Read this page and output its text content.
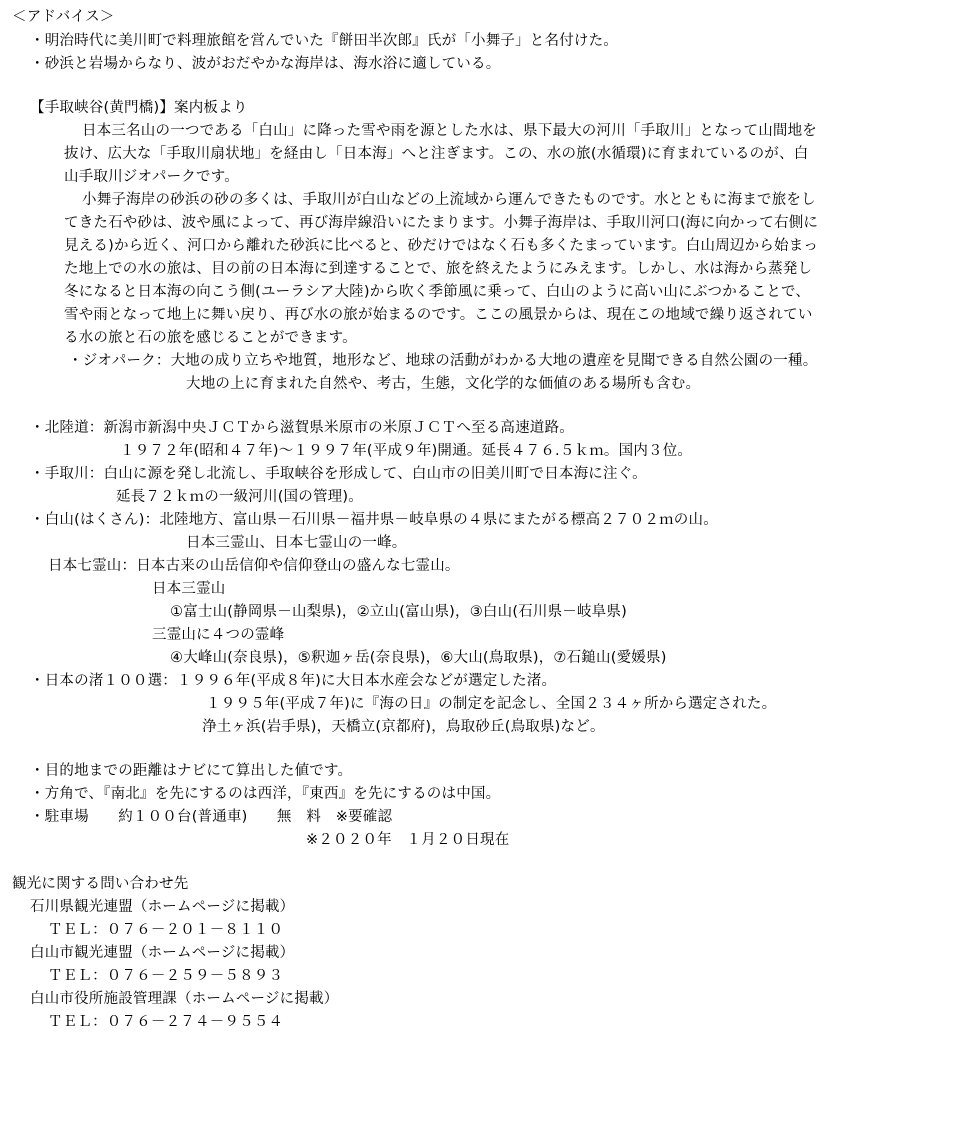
＜アドバイス＞
・明治時代に美川町で料理旅館を営んでいた『餅田半次郎』氏が「小舞子」と名付けた。
・砂浜と岩場からなり、波がおだやかな海岸は、海水浴に適している。
【手取峡谷(黄門橋)】案内板より
日本三名山の一つである「白山」に降った雪や雨を源とした水は、県下最大の河川「手取川」となって山間地を
抜け、広大な「手取川扇状地」を経由し「日本海」へと注ぎます。この、水の旅(水循環)に育まれているのが、白
山手取川ジオパークです。
小舞子海岸の砂浜の砂の多くは、手取川が白山などの上流域から運んできたものです。水とともに海まで旅をし
てきた石や砂は、波や風によって、再び海岸線沿いにたまります。小舞子海岸は、手取川河口(海に向かって右側に
見える)から近く、河口から離れた砂浜に比べると、砂だけではなく石も多くたまっています。白山周辺から始まっ
た地上での水の旅は、目の前の日本海に到達することで、旅を終えたようにみえます。しかし、水は海から蒸発し
冬になると日本海の向こう側(ユーラシア大陸)から吹く季節風に乗って、白山のように高い山にぶつかることで、
雪や雨となって地上に舞い戻り、再び水の旅が始まるのです。ここの風景からは、現在この地域で繰り返されてい
る水の旅と石の旅を感じることができます。
・ジオパーク：大地の成り立ちや地質，地形など、地球の活動がわかる大地の遺産を見聞できる自然公園の一種。
大地の上に育まれた自然や、考古，生態，文化学的な価値のある場所も含む。
・北陸道：新潟市新潟中央ＪＣＴから滋賀県米原市の米原ＪＣＴへ至る高速道路。
１９７２年(昭和４７年)～１９９７年(平成９年)開通。延長４７６.５ｋｍ。国内３位。
・手取川：白山に源を発し北流し、手取峡谷を形成して、白山市の旧美川町で日本海に注ぐ。
延長７２ｋｍの一級河川(国の管理)。
・白山(はくさん)：北陸地方、富山県－石川県－福井県－岐阜県の４県にまたがる標高２７０２ｍの山。
日本三霊山、日本七霊山の一峰。
日本七霊山：日本古来の山岳信仰や信仰登山の盛んな七霊山。
日本三霊山
①富士山(静岡県－山梨県)，②立山(富山県)，③白山(石川県－岐阜県)
三霊山に４つの霊峰
④大峰山(奈良県)，⑤釈迦ヶ岳(奈良県)，⑥大山(鳥取県)，⑦石鎚山(愛媛県)
・日本の渚１００選：１９９６年(平成８年)に大日本水産会などが選定した渚。
１９９５年(平成７年)に『海の日』の制定を記念し、全国２３４ヶ所から選定された。
浄土ヶ浜(岩手県)，天橋立(京都府)，鳥取砂丘(鳥取県)など。
・目的地までの距離はナビにて算出した値です。
・方角で、『南北』を先にするのは西洋，『東西』を先にするのは中国。
・駐車場　　約１００台(普通車)　　無　料　※要確認
※２０２０年　１月２０日現在
観光に関する問い合わせ先
石川県観光連盟（ホームページに掲載）
ＴＥＬ：０７６－２０１－８１１０
白山市観光連盟（ホームページに掲載）
ＴＥＬ：０７６－２５９－５８９３
白山市役所施設管理課（ホームページに掲載）
ＴＥＬ：０７６－２７４－９５５４
